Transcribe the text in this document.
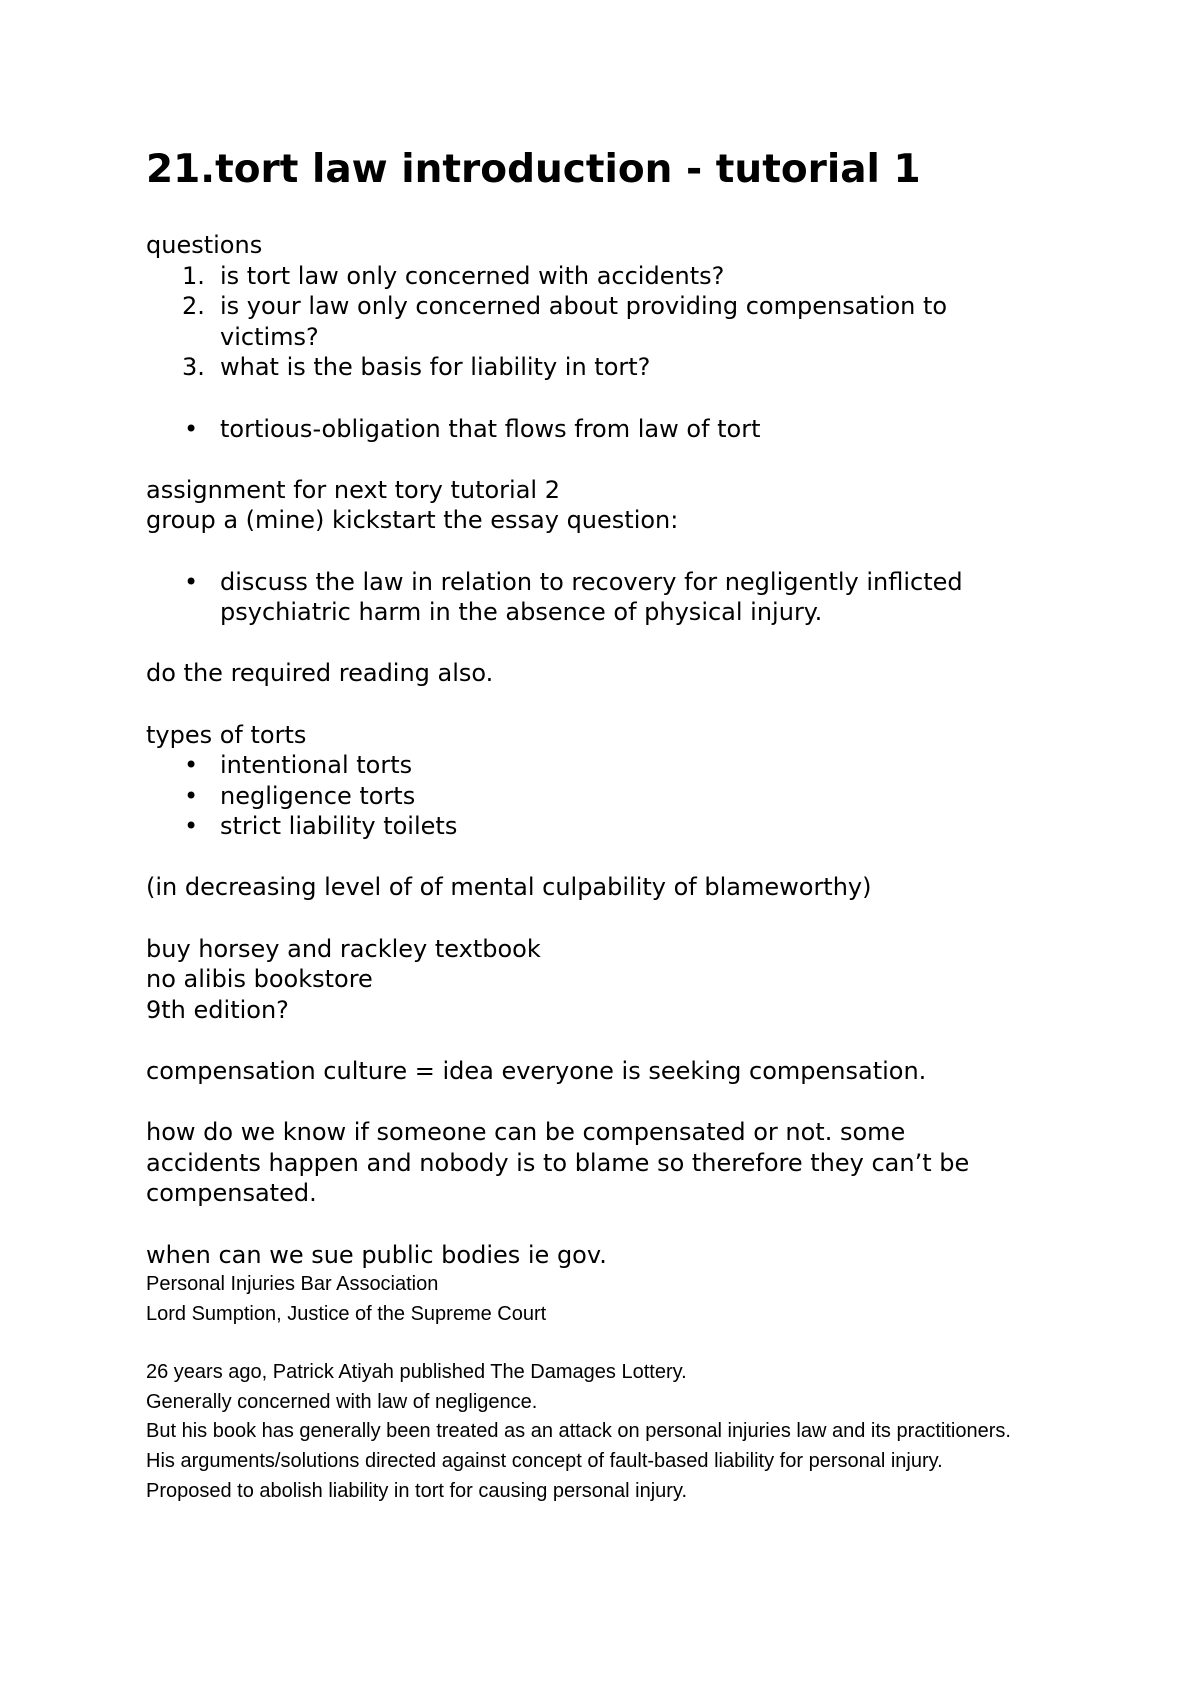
21.tort law introduction - tutorial 1

questions

1. is tort law only concerned with accidents?
2. is your law only concerned about providing compensation to
victims?
3. what is the basis for liability in tort?
• tortious-obligation that flows from law of tort

assignment for next tory tutorial 2

group a (mine) kickstart the essay question:

• discuss the law in relation to recovery for negligently inflicted
psychiatric harm in the absence of physical injury.

do the required reading also.

types of torts

• intentional torts
• negligence torts
• strict liability toilets

(in decreasing level of of mental culpability of blameworthy)

buy horsey and rackley textbook

no alibis bookstore

9th edition?

compensation culture = idea everyone is seeking compensation.

how do we know if someone can be compensated or not. some

accidents happen and nobody is to blame so therefore they can’t be

compensated.

when can we sue public bodies ie gov.

Personal Injuries Bar Association

Lord Sumption, Justice of the Supreme Court

26 years ago, Patrick Atiyah published The Damages Lottery.

Generally concerned with law of negligence.

But his book has generally been treated as an attack on personal injuries law and its practitioners.

His arguments/solutions directed against concept of fault-based liability for personal injury.

Proposed to abolish liability in tort for causing personal injury.
